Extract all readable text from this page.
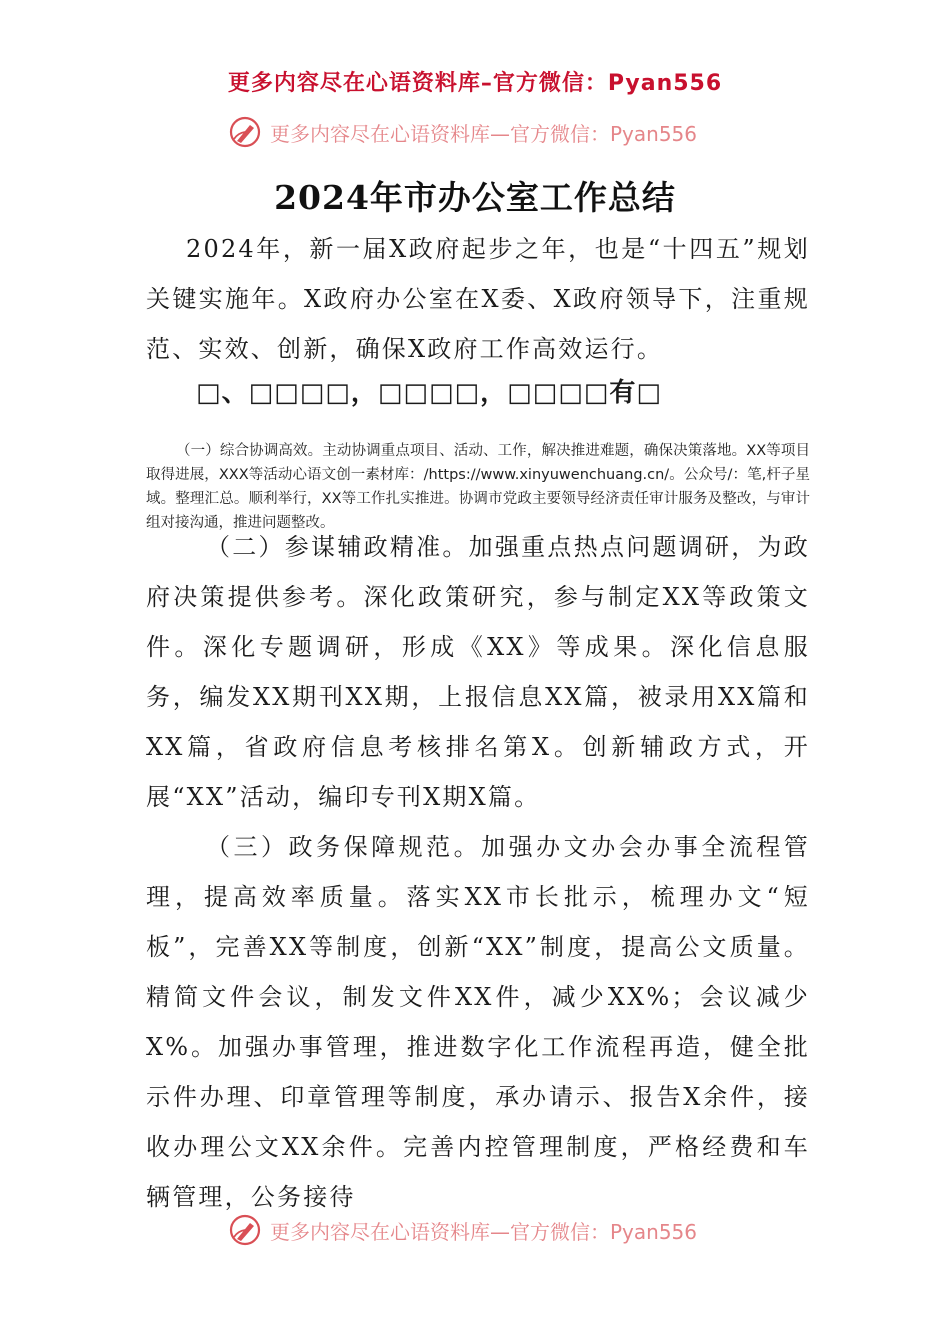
更多内容尽在心语资料库–官方微信：Pyan556
更多内容尽在心语资料库—官方微信：Pyan556
2024年市办公室工作总结

2024年，新一届X政府起步之年，也是“十四五”规划关键实施年。X政府办公室在X委、X政府领导下，注重规范、实效、创新，确保X政府工作高效运行。

□、□□□□，□□□□，□□□□有□

（一）综合协调高效。主动协调重点项目、活动、工作，解决推进难题，确保决策落地。XX等项目取得进展，XXX等活动心语文创一素材库：/https://www.xinyuwenchuang.cn/。公众号/：笔,杆子星域。整理汇总。顺利举行，XX等工作扎实推进。协调市党政主要领导经济责任审计服务及整改，与审计组对接沟通，推进问题整改。

（二）参谋辅政精准。加强重点热点问题调研，为政府决策提供参考。深化政策研究，参与制定XX等政策文件。深化专题调研，形成《XX》等成果。深化信息服务，编发XX期刊XX期，上报信息XX篇，被录用XX篇和XX篇，省政府信息考核排名第X。创新辅政方式，开展“XX”活动，编印专刊X期X篇。

（三）政务保障规范。加强办文办会办事全流程管理，提高效率质量。落实XX市长批示，梳理办文“短板”，完善XX等制度，创新“XX”制度，提高公文质量。精简文件会议，制发文件XX件，减少XX%；会议减少X%。加强办事管理，推进数字化工作流程再造，健全批示件办理、印章管理等制度，承办请示、报告X余件，接收办理公文XX余件。完善内控管理制度，严格经费和车辆管理，公务接待

更多内容尽在心语资料库—官方微信：Pyan556
